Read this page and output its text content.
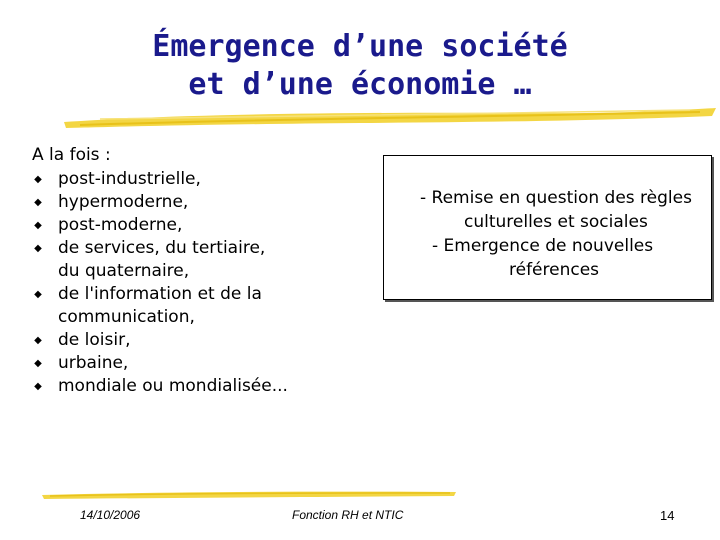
Émergence d’une société
et d’une économie …
A la fois :
◆ post-industrielle,
◆ hypermoderne,
◆ post-moderne,
◆ de services, du tertiaire,
du quaternaire,
◆ de l'information et de la
communication,
◆ de loisir,
◆ urbaine,
◆ mondiale ou mondialisée...
- Remise en question des règles
culturelles et sociales
- Emergence de nouvelles
références
14/10/2006	Fonction RH et NTIC	14
